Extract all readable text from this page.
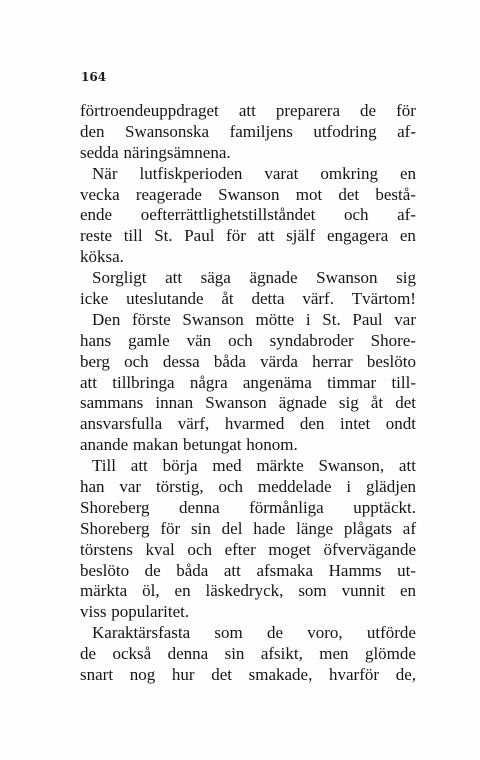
164
förtroendeuppdraget att preparera de för
den Swansonska familjens utfodring af-
sedda näringsämnena.
När lutfiskperioden varat omkring en
vecka reagerade Swanson mot det bestå-
ende oefterrättlighetstillståndet och af-
reste till St. Paul för att själf engagera en
köksa.
Sorgligt att säga ägnade Swanson sig
icke uteslutande åt detta värf. Tvärtom!
Den förste Swanson mötte i St. Paul var
hans gamle vän och syndabroder Shore-
berg och dessa båda värda herrar beslöto
att tillbringa några angenäma timmar till-
sammans innan Swanson ägnade sig åt det
ansvarsfulla värf, hvarmed den intet ondt
anande makan betungat honom.
Till att börja med märkte Swanson, att
han var törstig, och meddelade i glädjen
Shoreberg denna förmånliga upptäckt.
Shoreberg för sin del hade länge plågats af
törstens kval och efter moget öfvervägande
beslöto de båda att afsmaka Hamms ut-
märkta öl, en läskedryck, som vunnit en
viss popularitet.
Karaktärsfasta som de voro, utförde
de också denna sin afsikt, men glömde
snart nog hur det smakade, hvarför de,
